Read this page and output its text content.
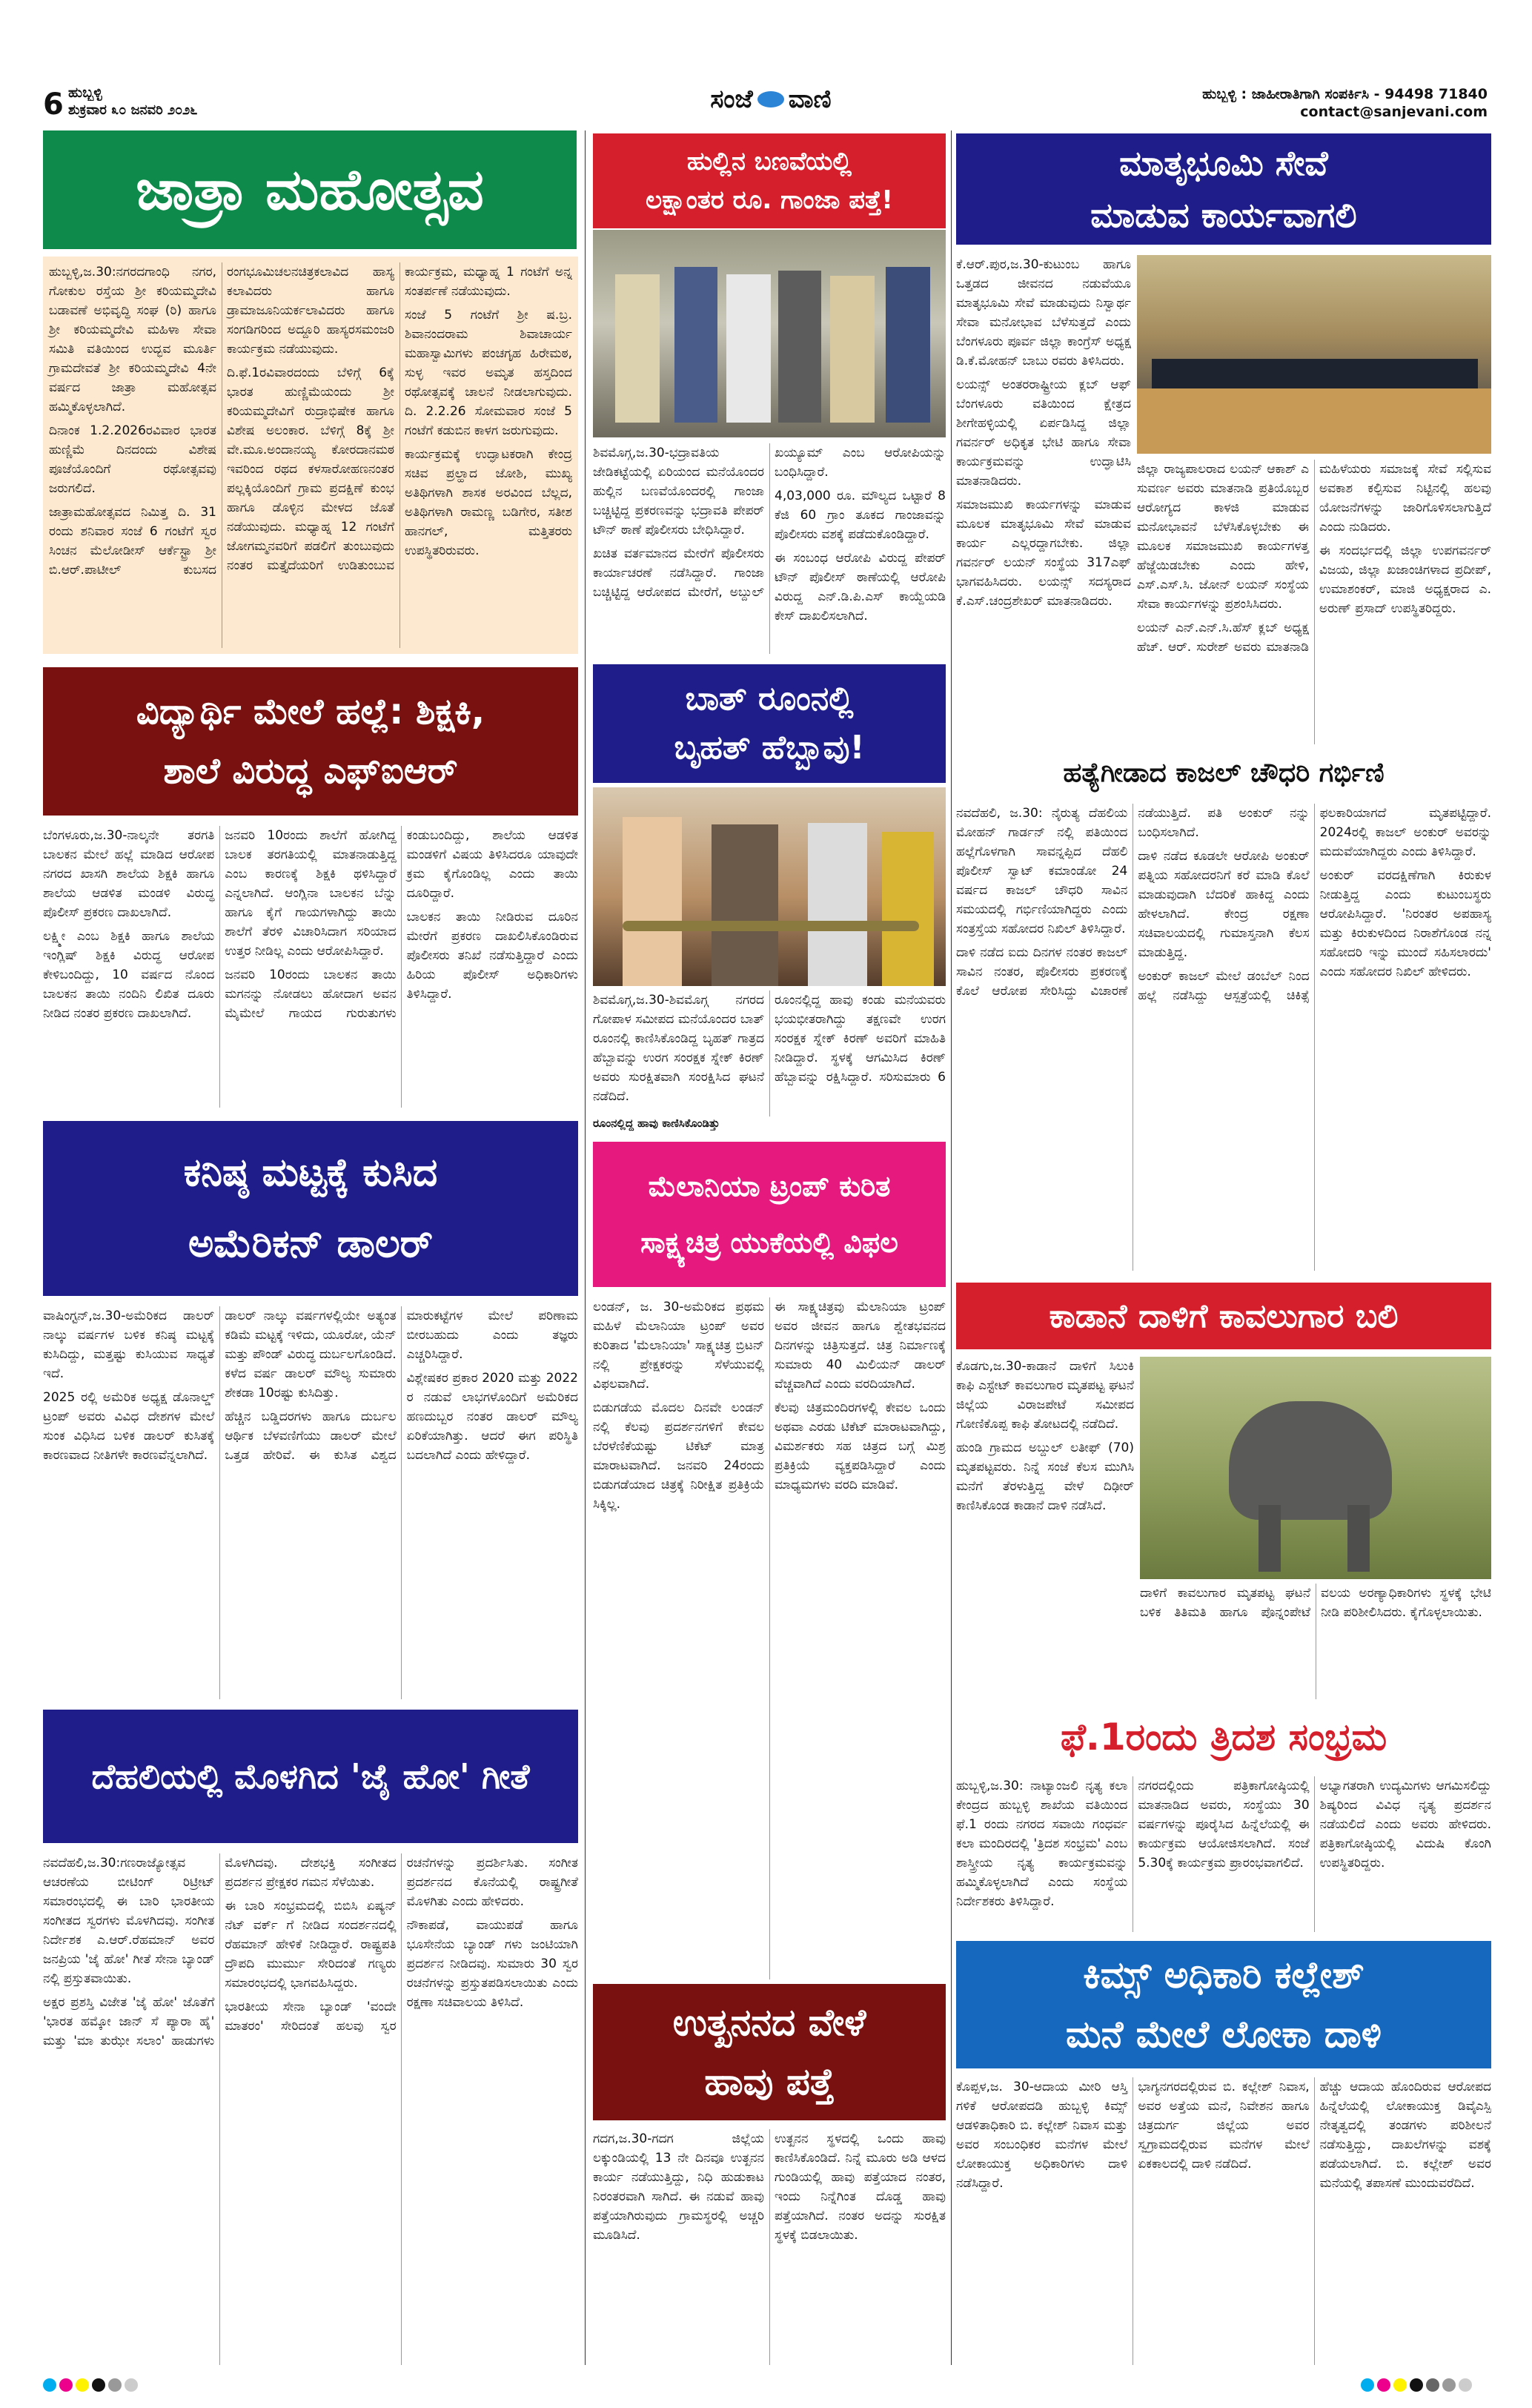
6 ಹುಬ್ಬಳ್ಳಿ
ಶುಕ್ರವಾರ ೩೦ ಜನವರಿ ೨೦೨೬	ಸಂಜೆ ವಾಣಿ	ಹುಬ್ಬಳ್ಳಿ : ಜಾಹೀರಾತಿಗಾಗಿ ಸಂಪರ್ಕಿಸಿ - 94498 71840
contact@sanjevani.com
ಜಾತ್ರಾ ಮಹೋತ್ಸವ

ಹುಬ್ಬಳ್ಳಿ,ಜ.30:ನಗರದಗಾಂಧಿ ನಗರ, ಗೋಕುಲ ರಸ್ತೆಯ ಶ್ರೀ ಕರಿಯಮ್ಮದೇವಿ ಬಡಾವಣೆ ಅಭಿವೃದ್ಧಿ ಸಂಘ (ರಿ) ಹಾಗೂ ಶ್ರೀ ಕರಿಯಮ್ಮದೇವಿ ಮಹಿಳಾ ಸೇವಾ ಸಮಿತಿ ವತಿಯಿಂದ ಉದ್ಭವ ಮೂರ್ತಿ ಗ್ರಾಮದೇವತೆ ಶ್ರೀ ಕರಿಯಮ್ಮದೇವಿ 4ನೇ ವರ್ಷದ ಜಾತ್ರಾ ಮಹೋತ್ಸವ ಹಮ್ಮಿಕೊಳ್ಳಲಾಗಿದೆ.

ದಿನಾಂಕ 1.2.2026ರವಿವಾರ ಭಾರತ ಹುಣ್ಣಿಮೆ ದಿನದಂದು ವಿಶೇಷ ಪೂಜೆಯೊಂದಿಗೆ ರಥೋತ್ಸವವು ಜರುಗಲಿದೆ.

ಜಾತ್ರಾಮಹೋತ್ಸವದ ನಿಮಿತ್ತ ದಿ. 31 ರಂದು ಶನಿವಾರ ಸಂಜೆ 6 ಗಂಟೆಗೆ ಸ್ವರ ಸಿಂಚನ ಮೆಲೋಡೀಸ್ ಆರ್ಕೆಸ್ಟ್ರಾ ಶ್ರೀ ಬಿ.ಆರ್.ಪಾಟೀಲ್ ಕುಬಸದ ರಂಗಭೂಮಿಚಲನಚಿತ್ರಕಲಾವಿದ ಹಾಸ್ಯ ಕಲಾವಿದರು ಹಾಗೂ ಡ್ರಾಮಾಜೂನಿಯರ್ಕಲಾವಿದರು ಹಾಗೂ ಸಂಗಡಿಗರಿಂದ ಅದ್ದೂರಿ ಹಾಸ್ಯರಸಮಂಜರಿ ಕಾರ್ಯಕ್ರಮ ನಡೆಯುವುದು.

ದಿ.ಫೆ.1ರವಿವಾರದಂದು ಬೆಳಿಗ್ಗೆ 6ಕ್ಕೆ ಭಾರತ ಹುಣ್ಣಿಮೆಯಂದು ಶ್ರೀ ಕರಿಯಮ್ಮದೇವಿಗೆ ರುದ್ರಾಭಿಷೇಕ ಹಾಗೂ ವಿಶೇಷ ಅಲಂಕಾರ. ಬೆಳಿಗ್ಗೆ 8ಕ್ಕೆ ಶ್ರೀ ವೇ.ಮೂ.ಅಂದಾನಯ್ಯ ಕೋರದಾನಮಠ ಇವರಿಂದ ರಥದ ಕಳಸಾರೋಹಣನಂತರ ಪಲ್ಲಕ್ಕಿಯೊಂದಿಗೆ ಗ್ರಾಮ ಪ್ರದಕ್ಷಿಣೆ ಕುಂಭ ಹಾಗೂ ಡೊಳ್ಳಿನ ಮೇಳದ ಜೊತೆ ನಡೆಯುವುದು. ಮಧ್ಯಾಹ್ನ 12 ಗಂಟೆಗೆ ಜೋಗಮ್ಮನವರಿಗೆ ಪಡಲಿಗೆ ತುಂಬುವುದು ನಂತರ ಮತ್ತೈದೆಯರಿಗೆ ಉಡಿತುಂಬುವ ಕಾರ್ಯಕ್ರಮ, ಮಧ್ಯಾಹ್ನ 1 ಗಂಟೆಗೆ ಅನ್ನ ಸಂತರ್ಪಣೆ ನಡೆಯುವುದು.

ಸಂಜೆ 5 ಗಂಟೆಗೆ ಶ್ರೀ ಷ.ಬ್ರ. ಶಿವಾನಂದರಾಮ ಶಿವಾಚಾರ್ಯ ಮಹಾಸ್ವಾಮಿಗಳು ಪಂಚಗೃಹ ಹಿರೇಮಠ, ಸುಳ್ಳ ಇವರ ಅಮೃತ ಹಸ್ತದಿಂದ ರಥೋತ್ಸವಕ್ಕೆ ಚಾಲನೆ ನೀಡಲಾಗುವುದು. ದಿ. 2.2.26 ಸೋಮವಾರ ಸಂಜೆ 5 ಗಂಟೆಗೆ ಕಡುಬಿನ ಕಾಳಗ ಜರುಗುವುದು.

ಕಾರ್ಯಕ್ರಮಕ್ಕೆ ಉದ್ಘಾಟಕರಾಗಿ ಕೇಂದ್ರ ಸಚಿವ ಪ್ರಲ್ಹಾದ ಜೋಶಿ, ಮುಖ್ಯ ಅತಿಥಿಗಳಾಗಿ ಶಾಸಕ ಅರವಿಂದ ಬೆಲ್ಲದ, ಅತಿಥಿಗಳಾಗಿ ರಾಮಣ್ಣ ಬಡಿಗೇರ, ಸತೀಶ ಹಾನಗಲ್, ಮತ್ತಿತರರು ಉಪಸ್ಥಿತರಿರುವರು.

ಹುಲ್ಲಿನ ಬಣವೆಯಲ್ಲಿ
ಲಕ್ಷಾಂತರ ರೂ. ಗಾಂಜಾ ಪತ್ತೆ!

ಶಿವಮೊಗ್ಗ,ಜ.30-ಭದ್ರಾವತಿಯ ಜೇಡಿಕಟ್ಟೆಯಲ್ಲಿ ಏರಿಯಂದ ಮನೆಯೊಂದರ ಹುಲ್ಲಿನ ಬಣವೆಯೊಂದರಲ್ಲಿ ಗಾಂಜಾ ಬಚ್ಚಿಟ್ಟಿದ್ದ ಪ್ರಕರಣವನ್ನು ಭದ್ರಾವತಿ ಪೇಪರ್ ಟೌನ್ ಠಾಣೆ ಪೊಲೀಸರು ಬೇಧಿಸಿದ್ದಾರೆ.

ಖಚಿತ ವರ್ತಮಾನದ ಮೇರೆಗೆ ಪೊಲೀಸರು ಕಾರ್ಯಾಚರಣೆ ನಡೆಸಿದ್ದಾರೆ. ಗಾಂಜಾ ಬಚ್ಚಿಟ್ಟಿದ್ದ ಆರೋಪದ ಮೇರೆಗೆ, ಅಬ್ದುಲ್ ಖಯ್ಯೂಮ್ ಎಂಬ ಆರೋಪಿಯನ್ನು ಬಂಧಿಸಿದ್ದಾರೆ.

4,03,000 ರೂ. ಮೌಲ್ಯದ ಒಟ್ಟಾರೆ 8 ಕೆಜಿ 60 ಗ್ರಾಂ ತೂಕದ ಗಾಂಜಾವನ್ನು ಪೊಲೀಸರು ವಶಕ್ಕೆ ಪಡೆದುಕೊಂಡಿದ್ದಾರೆ.

ಈ ಸಂಬಂಧ ಆರೋಪಿ ವಿರುದ್ದ ಪೇಪರ್ ಟೌನ್ ಪೊಲೀಸ್ ಠಾಣೆಯಲ್ಲಿ ಆರೋಪಿ ವಿರುದ್ದ ಎನ್.ಡಿ.ಪಿ.ಎಸ್ ಕಾಯ್ದೆಯಡಿ ಕೇಸ್ ದಾಖಲಿಸಲಾಗಿದೆ.

ಮಾತೃಭೂಮಿ ಸೇವೆ
ಮಾಡುವ ಕಾರ್ಯವಾಗಲಿ

ಕೆ.ಆರ್.ಪುರ,ಜ.30-ಕುಟುಂಬ ಹಾಗೂ ಒತ್ತಡದ ಜೀವನದ ನಡುವೆಯೂ ಮಾತೃಭೂಮಿ ಸೇವೆ ಮಾಡುವುದು ನಿಸ್ವಾರ್ಥ ಸೇವಾ ಮನೋಭಾವ ಬೆಳೆಸುತ್ತದೆ ಎಂದು ಬೆಂಗಳೂರು ಪೂರ್ವ ಜಿಲ್ಲಾ ಕಾಂಗ್ರೆಸ್ ಅಧ್ಯಕ್ಷ ಡಿ.ಕೆ.ಮೋಹನ್ ಬಾಬು ರವರು ತಿಳಿಸಿದರು.

ಲಯನ್ಸ್ ಅಂತರರಾಷ್ಟ್ರೀಯ ಕ್ಲಬ್ ಆಫ್ ಬೆಂಗಳೂರು ವತಿಯಿಂದ ಕ್ಷೇತ್ರದ ಶೀಗೇಹಳ್ಳಿಯಲ್ಲಿ ಏರ್ಪಡಿಸಿದ್ದ ಜಿಲ್ಲಾ ಗವರ್ನರ್ ಅಧಿಕೃತ ಭೇಟಿ ಹಾಗೂ ಸೇವಾ ಕಾರ್ಯಕ್ರಮವನ್ನು ಉದ್ಘಾಟಿಸಿ ಮಾತನಾಡಿದರು.

ಸಮಾಜಮುಖಿ ಕಾರ್ಯಗಳನ್ನು ಮಾಡುವ ಮೂಲಕ ಮಾತೃಭೂಮಿ ಸೇವೆ ಮಾಡುವ ಕಾರ್ಯ ಎಲ್ಲರದ್ದಾಗಬೇಕು. ಜಿಲ್ಲಾ ಗವರ್ನರ್ ಲಯನ್ ಸಂಸ್ಥೆಯ 317ಎಫ್ ಭಾಗವಹಿಸಿದರು. ಲಯನ್ಸ್ ಸದಸ್ಯರಾದ ಕೆ.ಎಸ್.ಚಂದ್ರಶೇಖರ್ ಮಾತನಾಡಿದರು.

ಜಿಲ್ಲಾ ರಾಜ್ಯಪಾಲರಾದ ಲಯನ್ ಆಕಾಶ್ ಎ ಸುವರ್ಣ ಅವರು ಮಾತನಾಡಿ ಪ್ರತಿಯೊಬ್ಬರ ಆರೋಗ್ಯದ ಕಾಳಜಿ ಮಾಡುವ ಮನೋಭಾವನೆ ಬೆಳೆಸಿಕೊಳ್ಳಬೇಕು ಈ ಮೂಲಕ ಸಮಾಜಮುಖಿ ಕಾರ್ಯಗಳತ್ತ ಹೆಜ್ಜೆಯಿಡಬೇಕು ಎಂದು ಹೇಳಿ, ಎಸ್.ಎಸ್.ಸಿ. ಜೋನ್ ಲಯನ್ ಸಂಸ್ಥೆಯ ಸೇವಾ ಕಾರ್ಯಗಳನ್ನು ಪ್ರಶಂಸಿಸಿದರು.

ಲಯನ್ ಎನ್.ಎನ್.ಸಿ.ಹೆಸ್ ಕ್ಲಬ್ ಅಧ್ಯಕ್ಷ ಹೆಚ್. ಆರ್. ಸುರೇಶ್ ಅವರು ಮಾತನಾಡಿ ಮಹಿಳೆಯರು ಸಮಾಜಕ್ಕೆ ಸೇವೆ ಸಲ್ಲಿಸುವ ಅವಕಾಶ ಕಲ್ಪಿಸುವ ನಿಟ್ಟಿನಲ್ಲಿ ಹಲವು ಯೋಜನೆಗಳನ್ನು ಜಾರಿಗೊಳಿಸಲಾಗುತ್ತಿದೆ ಎಂದು ನುಡಿದರು.

ಈ ಸಂದರ್ಭದಲ್ಲಿ ಜಿಲ್ಲಾ ಉಪಗವರ್ನರ್ ವಿಜಯ, ಜಿಲ್ಲಾ ಖಜಾಂಚಿಗಳಾದ ಪ್ರದೀಪ್, ಉಮಾಶಂಕರ್, ಮಾಜಿ ಅಧ್ಯಕ್ಷರಾದ ಎ. ಅರುಣ್ ಪ್ರಸಾದ್ ಉಪಸ್ಥಿತರಿದ್ದರು.

ವಿದ್ಯಾರ್ಥಿ ಮೇಲೆ ಹಲ್ಲೆ: ಶಿಕ್ಷಕಿ,
ಶಾಲೆ ವಿರುದ್ಧ ಎಫ್‌ಐಆರ್

ಬೆಂಗಳೂರು,ಜ.30-ನಾಲ್ಕನೇ ತರಗತಿ ಬಾಲಕನ ಮೇಲೆ ಹಲ್ಲೆ ಮಾಡಿದ ಆರೋಪ ನಗರದ ಖಾಸಗಿ ಶಾಲೆಯ ಶಿಕ್ಷಕಿ ಹಾಗೂ ಶಾಲೆಯ ಆಡಳಿತ ಮಂಡಳಿ ವಿರುದ್ಧ ಪೊಲೀಸ್ ಪ್ರಕರಣ ದಾಖಲಾಗಿದೆ.

ಲಕ್ಷ್ಮೀ ಎಂಬ ಶಿಕ್ಷಕಿ ಹಾಗೂ ಶಾಲೆಯ ಇಂಗ್ಲಿಷ್ ಶಿಕ್ಷಕಿ ವಿರುದ್ಧ ಆರೋಪ ಕೇಳಿಬಂದಿದ್ದು, 10 ವರ್ಷದ ನೊಂದ ಬಾಲಕನ ತಾಯಿ ನಂದಿನಿ ಲಿಖಿತ ದೂರು ನೀಡಿದ ನಂತರ ಪ್ರಕರಣ ದಾಖಲಾಗಿದೆ.

ಜನವರಿ 10ರಂದು ಶಾಲೆಗೆ ಹೋಗಿದ್ದ ಬಾಲಕ ತರಗತಿಯಲ್ಲಿ ಮಾತನಾಡುತ್ತಿದ್ದ ಎಂಬ ಕಾರಣಕ್ಕೆ ಶಿಕ್ಷಕಿ ಥಳಿಸಿದ್ದಾರೆ ಎನ್ನಲಾಗಿದೆ. ಆಂಗ್ಲಿನಾ ಬಾಲಕನ ಬೆನ್ನು ಹಾಗೂ ಕೈಗೆ ಗಾಯಗಳಾಗಿದ್ದು ತಾಯಿ ಶಾಲೆಗೆ ತೆರಳಿ ವಿಚಾರಿಸಿದಾಗ ಸರಿಯಾದ ಉತ್ತರ ನೀಡಿಲ್ಲ ಎಂದು ಆರೋಪಿಸಿದ್ದಾರೆ.

ಜನವರಿ 10ರಂದು ಬಾಲಕನ ತಾಯಿ ಮಗನನ್ನು ನೋಡಲು ಹೋದಾಗ ಅವನ ಮೈಮೇಲೆ ಗಾಯದ ಗುರುತುಗಳು ಕಂಡುಬಂದಿದ್ದು, ಶಾಲೆಯ ಆಡಳಿತ ಮಂಡಳಿಗೆ ವಿಷಯ ತಿಳಿಸಿದರೂ ಯಾವುದೇ ಕ್ರಮ ಕೈಗೊಂಡಿಲ್ಲ ಎಂದು ತಾಯಿ ದೂರಿದ್ದಾರೆ.

ಬಾಲಕನ ತಾಯಿ ನೀಡಿರುವ ದೂರಿನ ಮೇರೆಗೆ ಪ್ರಕರಣ ದಾಖಲಿಸಿಕೊಂಡಿರುವ ಪೊಲೀಸರು ತನಿಖೆ ನಡೆಸುತ್ತಿದ್ದಾರೆ ಎಂದು ಹಿರಿಯ ಪೊಲೀಸ್ ಅಧಿಕಾರಿಗಳು ತಿಳಿಸಿದ್ದಾರೆ.

ಬಾತ್ ರೂಂನಲ್ಲಿ
ಬೃಹತ್ ಹೆಬ್ಬಾವು!

ಶಿವಮೊಗ್ಗ,ಜ.30-ಶಿವಮೊಗ್ಗ ನಗರದ ಗೋಪಾಳ ಸಮೀಪದ ಮನೆಯೊಂದರ ಬಾತ್ ರೂಂನಲ್ಲಿ ಕಾಣಿಸಿಕೊಂಡಿದ್ದ ಬೃಹತ್ ಗಾತ್ರದ ಹೆಬ್ಬಾವನ್ನು ಉರಗ ಸಂರಕ್ಷಕ ಸ್ನೇಕ್ ಕಿರಣ್ ಅವರು ಸುರಕ್ಷಿತವಾಗಿ ಸಂರಕ್ಷಿಸಿದ ಘಟನೆ ನಡೆದಿದೆ.

ರೂಂನಲ್ಲಿದ್ದ ಹಾವು ಕಂಡು ಮನೆಯವರು ಭಯಭೀತರಾಗಿದ್ದು ತಕ್ಷಣವೇ ಉರಗ ಸಂರಕ್ಷಕ ಸ್ನೇಕ್ ಕಿರಣ್ ಅವರಿಗೆ ಮಾಹಿತಿ ನೀಡಿದ್ದಾರೆ. ಸ್ಥಳಕ್ಕೆ ಆಗಮಿಸಿದ ಕಿರಣ್ ಹೆಬ್ಬಾವನ್ನು ರಕ್ಷಿಸಿದ್ದಾರೆ. ಸರಿಸುಮಾರು 6

ರೂಂನಲ್ಲಿದ್ದ ಹಾವು ಕಾಣಿಸಿಕೊಂಡಿತ್ತು
ಹತ್ಯೆಗೀಡಾದ ಕಾಜಲ್ ಚೌಧರಿ ಗರ್ಭಿಣಿ

ನವದೆಹಲಿ, ಜ.30: ನೈರುತ್ಯ ದೆಹಲಿಯ ಮೋಹನ್ ಗಾರ್ಡನ್ ನಲ್ಲಿ ಪತಿಯಿಂದ ಹಲ್ಲೆಗೊಳಗಾಗಿ ಸಾವನ್ನಪ್ಪಿದ ದೆಹಲಿ ಪೊಲೀಸ್ ಸ್ವಾಟ್ ಕಮಾಂಡೋ 24 ವರ್ಷದ ಕಾಜಲ್ ಚೌಧರಿ ಸಾವಿನ ಸಮಯದಲ್ಲಿ ಗರ್ಭಿಣಿಯಾಗಿದ್ದರು ಎಂದು ಸಂತ್ರಸ್ತೆಯ ಸಹೋದರ ನಿಖಿಲ್ ತಿಳಿಸಿದ್ದಾರೆ.

ದಾಳಿ ನಡೆದ ಐದು ದಿನಗಳ ನಂತರ ಕಾಜಲ್ ಸಾವಿನ ನಂತರ, ಪೊಲೀಸರು ಪ್ರಕರಣಕ್ಕೆ ಕೊಲೆ ಆರೋಪ ಸೇರಿಸಿದ್ದು ವಿಚಾರಣೆ ನಡೆಯುತ್ತಿದೆ. ಪತಿ ಅಂಕುರ್ ನನ್ನು ಬಂಧಿಸಲಾಗಿದೆ.

ದಾಳಿ ನಡೆದ ಕೂಡಲೇ ಆರೋಪಿ ಅಂಕುರ್ ಪತ್ನಿಯ ಸಹೋದರನಿಗೆ ಕರೆ ಮಾಡಿ ಕೊಲೆ ಮಾಡುವುದಾಗಿ ಬೆದರಿಕೆ ಹಾಕಿದ್ದ ಎಂದು ಹೇಳಲಾಗಿದೆ. ಕೇಂದ್ರ ರಕ್ಷಣಾ ಸಚಿವಾಲಯದಲ್ಲಿ ಗುಮಾಸ್ತನಾಗಿ ಕೆಲಸ ಮಾಡುತ್ತಿದ್ದ.

ಅಂಕುರ್ ಕಾಜಲ್ ಮೇಲೆ ಡಂಬೆಲ್ ನಿಂದ ಹಲ್ಲೆ ನಡೆಸಿದ್ದು ಆಸ್ಪತ್ರೆಯಲ್ಲಿ ಚಿಕಿತ್ಸೆ ಫಲಕಾರಿಯಾಗದೆ ಮೃತಪಟ್ಟಿದ್ದಾರೆ. 2024ರಲ್ಲಿ ಕಾಜಲ್ ಅಂಕುರ್ ಅವರನ್ನು ಮದುವೆಯಾಗಿದ್ದರು ಎಂದು ತಿಳಿಸಿದ್ದಾರೆ.

ಅಂಕುರ್ ವರದಕ್ಷಿಣೆಗಾಗಿ ಕಿರುಕುಳ ನೀಡುತ್ತಿದ್ದ ಎಂದು ಕುಟುಂಬಸ್ಥರು ಆರೋಪಿಸಿದ್ದಾರೆ. 'ನಿರಂತರ ಅಪಹಾಸ್ಯ ಮತ್ತು ಕಿರುಕುಳದಿಂದ ನಿರಾಶೆಗೊಂಡ ನನ್ನ ಸಹೋದರಿ ಇನ್ನು ಮುಂದೆ ಸಹಿಸಲಾರದು' ಎಂದು ಸಹೋದರ ನಿಖಿಲ್ ಹೇಳಿದರು.

ಕನಿಷ್ಠ ಮಟ್ಟಕ್ಕೆ ಕುಸಿದ
ಅಮೆರಿಕನ್ ಡಾಲರ್

ವಾಷಿಂಗ್ಟನ್,ಜ.30-ಅಮೆರಿಕದ ಡಾಲರ್ ನಾಲ್ಕು ವರ್ಷಗಳ ಬಳಿಕ ಕನಿಷ್ಠ ಮಟ್ಟಕ್ಕೆ ಕುಸಿದಿದ್ದು, ಮತ್ತಷ್ಟು ಕುಸಿಯುವ ಸಾಧ್ಯತೆ ಇದೆ.

2025 ರಲ್ಲಿ ಅಮೆರಿಕ ಅಧ್ಯಕ್ಷ ಡೊನಾಲ್ಡ್ ಟ್ರಂಪ್ ಅವರು ವಿವಿಧ ದೇಶಗಳ ಮೇಲೆ ಸುಂಕ ವಿಧಿಸಿದ ಬಳಿಕ ಡಾಲರ್ ಕುಸಿತಕ್ಕೆ ಕಾರಣವಾದ ನೀತಿಗಳೇ ಕಾರಣವೆನ್ನಲಾಗಿದೆ.

ಡಾಲರ್ ನಾಲ್ಕು ವರ್ಷಗಳಲ್ಲಿಯೇ ಅತ್ಯಂತ ಕಡಿಮೆ ಮಟ್ಟಕ್ಕೆ ಇಳಿದು, ಯೂರೋ, ಯೆನ್ ಮತ್ತು ಪೌಂಡ್ ವಿರುದ್ಧ ದುರ್ಬಲಗೊಂಡಿದೆ. ಕಳೆದ ವರ್ಷ ಡಾಲರ್ ಮೌಲ್ಯ ಸುಮಾರು ಶೇಕಡಾ 10ರಷ್ಟು ಕುಸಿದಿತ್ತು.

ಹೆಚ್ಚಿನ ಬಡ್ಡಿದರಗಳು ಹಾಗೂ ದುರ್ಬಲ ಆರ್ಥಿಕ ಬೆಳವಣಿಗೆಯು ಡಾಲರ್ ಮೇಲೆ ಒತ್ತಡ ಹೇರಿವೆ. ಈ ಕುಸಿತ ವಿಶ್ವದ ಮಾರುಕಟ್ಟೆಗಳ ಮೇಲೆ ಪರಿಣಾಮ ಬೀರಬಹುದು ಎಂದು ತಜ್ಞರು ಎಚ್ಚರಿಸಿದ್ದಾರೆ.

ವಿಶ್ಲೇಷಕರ ಪ್ರಕಾರ 2020 ಮತ್ತು 2022 ರ ನಡುವೆ ಲಾಭಗಳೊಂದಿಗೆ ಅಮೆರಿಕದ ಹಣದುಬ್ಬರ ನಂತರ ಡಾಲರ್ ಮೌಲ್ಯ ಏರಿಕೆಯಾಗಿತ್ತು. ಆದರೆ ಈಗ ಪರಿಸ್ಥಿತಿ ಬದಲಾಗಿದೆ ಎಂದು ಹೇಳಿದ್ದಾರೆ.

ಮೆಲಾನಿಯಾ ಟ್ರಂಪ್ ಕುರಿತ
ಸಾಕ್ಷ್ಯಚಿತ್ರ ಯುಕೆಯಲ್ಲಿ ವಿಫಲ

ಲಂಡನ್, ಜ. 30-ಅಮೆರಿಕದ ಪ್ರಥಮ ಮಹಿಳೆ ಮೆಲಾನಿಯಾ ಟ್ರಂಪ್ ಅವರ ಕುರಿತಾದ 'ಮೆಲಾನಿಯಾ' ಸಾಕ್ಷ್ಯಚಿತ್ರ ಬ್ರಿಟನ್ ನಲ್ಲಿ ಪ್ರೇಕ್ಷಕರನ್ನು ಸೆಳೆಯುವಲ್ಲಿ ವಿಫಲವಾಗಿದೆ.

ಬಿಡುಗಡೆಯ ಮೊದಲ ದಿನವೇ ಲಂಡನ್ ನಲ್ಲಿ ಕೆಲವು ಪ್ರದರ್ಶನಗಳಿಗೆ ಕೇವಲ ಬೆರಳೆಣಿಕೆಯಷ್ಟು ಟಿಕೆಟ್ ಮಾತ್ರ ಮಾರಾಟವಾಗಿದೆ. ಜನವರಿ 24ರಂದು ಬಿಡುಗಡೆಯಾದ ಚಿತ್ರಕ್ಕೆ ನಿರೀಕ್ಷಿತ ಪ್ರತಿಕ್ರಿಯೆ ಸಿಕ್ಕಿಲ್ಲ.

ಈ ಸಾಕ್ಷ್ಯಚಿತ್ರವು ಮೆಲಾನಿಯಾ ಟ್ರಂಪ್ ಅವರ ಜೀವನ ಹಾಗೂ ಶ್ವೇತಭವನದ ದಿನಗಳನ್ನು ಚಿತ್ರಿಸುತ್ತದೆ. ಚಿತ್ರ ನಿರ್ಮಾಣಕ್ಕೆ ಸುಮಾರು 40 ಮಿಲಿಯನ್ ಡಾಲರ್ ವೆಚ್ಚವಾಗಿದೆ ಎಂದು ವರದಿಯಾಗಿದೆ.

ಕೆಲವು ಚಿತ್ರಮಂದಿರಗಳಲ್ಲಿ ಕೇವಲ ಒಂದು ಅಥವಾ ಎರಡು ಟಿಕೆಟ್ ಮಾರಾಟವಾಗಿದ್ದು, ವಿಮರ್ಶಕರು ಸಹ ಚಿತ್ರದ ಬಗ್ಗೆ ಮಿಶ್ರ ಪ್ರತಿಕ್ರಿಯೆ ವ್ಯಕ್ತಪಡಿಸಿದ್ದಾರೆ ಎಂದು ಮಾಧ್ಯಮಗಳು ವರದಿ ಮಾಡಿವೆ.

ಕಾಡಾನೆ ದಾಳಿಗೆ ಕಾವಲುಗಾರ ಬಲಿ

ಕೊಡಗು,ಜ.30-ಕಾಡಾನೆ ದಾಳಿಗೆ ಸಿಲುಕಿ ಕಾಫಿ ಎಸ್ಟೇಟ್ ಕಾವಲುಗಾರ ಮೃತಪಟ್ಟ ಘಟನೆ ಜಿಲ್ಲೆಯ ವಿರಾಜಪೇಟೆ ಸಮೀಪದ ಗೋಣಿಕೊಪ್ಪ ಕಾಫಿ ತೋಟದಲ್ಲಿ ನಡೆದಿದೆ.

ಹುಂಡಿ ಗ್ರಾಮದ ಅಬ್ದುಲ್ ಲತೀಫ್ (70) ಮೃತಪಟ್ಟವರು. ನಿನ್ನೆ ಸಂಜೆ ಕೆಲಸ ಮುಗಿಸಿ ಮನೆಗೆ ತೆರಳುತ್ತಿದ್ದ ವೇಳೆ ದಿಢೀರ್ ಕಾಣಿಸಿಕೊಂಡ ಕಾಡಾನೆ ದಾಳಿ ನಡೆಸಿದೆ.

ದಾಳಿಗೆ ಕಾವಲುಗಾರ ಮೃತಪಟ್ಟ ಘಟನೆ ಬಳಿಕ ತಿತಿಮತಿ ಹಾಗೂ ಪೊನ್ನಂಪೇಟೆ ವಲಯ ಅರಣ್ಯಾಧಿಕಾರಿಗಳು ಸ್ಥಳಕ್ಕೆ ಭೇಟಿ ನೀಡಿ ಪರಿಶೀಲಿಸಿದರು. ಕೈಗೊಳ್ಳಲಾಯಿತು.

ದೆಹಲಿಯಲ್ಲಿ ಮೊಳಗಿದ 'ಜೈ ಹೋ' ಗೀತೆ

ನವದೆಹಲಿ,ಜ.30:ಗಣರಾಜ್ಯೋತ್ಸವ ಆಚರಣೆಯ ಬೀಟಿಂಗ್ ರಿಟ್ರೀಟ್ ಸಮಾರಂಭದಲ್ಲಿ ಈ ಬಾರಿ ಭಾರತೀಯ ಸಂಗೀತದ ಸ್ವರಗಳು ಮೊಳಗಿದವು. ಸಂಗೀತ ನಿರ್ದೇಶಕ ಎ.ಆರ್.ರೆಹಮಾನ್ ಅವರ ಜನಪ್ರಿಯ 'ಜೈ ಹೋ' ಗೀತೆ ಸೇನಾ ಬ್ಯಾಂಡ್ ನಲ್ಲಿ ಪ್ರಸ್ತುತವಾಯಿತು.

ಅಕ್ಷರ ಪ್ರಶಸ್ತಿ ವಿಜೇತ 'ಜೈ ಹೋ' ಜೊತೆಗೆ 'ಭಾರತ ಹಮ್ಕೋ ಜಾನ್ ಸೆ ಪ್ಯಾರಾ ಹೈ' ಮತ್ತು 'ಮಾ ತುಝೇ ಸಲಾಂ' ಹಾಡುಗಳು ಮೊಳಗಿದವು. ದೇಶಭಕ್ತಿ ಸಂಗೀತದ ಪ್ರದರ್ಶನ ಪ್ರೇಕ್ಷಕರ ಗಮನ ಸೆಳೆಯಿತು.

ಈ ಬಾರಿ ಸಂಭ್ರಮದಲ್ಲಿ ಬಿಬಿಸಿ ಏಷ್ಯನ್ ನೆಟ್ ವರ್ಕ್ ಗೆ ನೀಡಿದ ಸಂದರ್ಶನದಲ್ಲಿ ರೆಹಮಾನ್ ಹೇಳಿಕೆ ನೀಡಿದ್ದಾರೆ. ರಾಷ್ಟ್ರಪತಿ ದ್ರೌಪದಿ ಮುರ್ಮು ಸೇರಿದಂತೆ ಗಣ್ಯರು ಸಮಾರಂಭದಲ್ಲಿ ಭಾಗವಹಿಸಿದ್ದರು.

ಭಾರತೀಯ ಸೇನಾ ಬ್ಯಾಂಡ್ 'ವಂದೇ ಮಾತರಂ' ಸೇರಿದಂತೆ ಹಲವು ಸ್ವರ ರಚನೆಗಳನ್ನು ಪ್ರದರ್ಶಿಸಿತು. ಸಂಗೀತ ಪ್ರದರ್ಶನದ ಕೊನೆಯಲ್ಲಿ ರಾಷ್ಟ್ರಗೀತೆ ಮೊಳಗಿತು ಎಂದು ಹೇಳಿದರು.

ನೌಕಾಪಡೆ, ವಾಯುಪಡೆ ಹಾಗೂ ಭೂಸೇನೆಯ ಬ್ಯಾಂಡ್ ಗಳು ಜಂಟಿಯಾಗಿ ಪ್ರದರ್ಶನ ನೀಡಿದವು. ಸುಮಾರು 30 ಸ್ವರ ರಚನೆಗಳನ್ನು ಪ್ರಸ್ತುತಪಡಿಸಲಾಯಿತು ಎಂದು ರಕ್ಷಣಾ ಸಚಿವಾಲಯ ತಿಳಿಸಿದೆ.

ಫೆ.1ರಂದು ತ್ರಿದಶ ಸಂಭ್ರಮ

ಹುಬ್ಬಳ್ಳಿ,ಜ.30: ನಾಟ್ಯಾಂಜಲಿ ನೃತ್ಯ ಕಲಾ ಕೇಂದ್ರದ ಹುಬ್ಬಳ್ಳಿ ಶಾಖೆಯ ವತಿಯಿಂದ ಫೆ.1 ರಂದು ನಗರದ ಸವಾಯಿ ಗಂಧರ್ವ ಕಲಾ ಮಂದಿರದಲ್ಲಿ 'ತ್ರಿದಶ ಸಂಭ್ರಮ' ಎಂಬ ಶಾಸ್ತ್ರೀಯ ನೃತ್ಯ ಕಾರ್ಯಕ್ರಮವನ್ನು ಹಮ್ಮಿಕೊಳ್ಳಲಾಗಿದೆ ಎಂದು ಸಂಸ್ಥೆಯ ನಿರ್ದೇಶಕರು ತಿಳಿಸಿದ್ದಾರೆ.

ನಗರದಲ್ಲಿಂದು ಪತ್ರಿಕಾಗೋಷ್ಠಿಯಲ್ಲಿ ಮಾತನಾಡಿದ ಅವರು, ಸಂಸ್ಥೆಯು 30 ವರ್ಷಗಳನ್ನು ಪೂರೈಸಿದ ಹಿನ್ನೆಲೆಯಲ್ಲಿ ಈ ಕಾರ್ಯಕ್ರಮ ಆಯೋಜಿಸಲಾಗಿದೆ. ಸಂಜೆ 5.30ಕ್ಕೆ ಕಾರ್ಯಕ್ರಮ ಪ್ರಾರಂಭವಾಗಲಿದೆ.

ಅಭ್ಯಾಗತರಾಗಿ ಉದ್ಯಮಿಗಳು ಆಗಮಿಸಲಿದ್ದು ಶಿಷ್ಯರಿಂದ ವಿವಿಧ ನೃತ್ಯ ಪ್ರದರ್ಶನ ನಡೆಯಲಿದೆ ಎಂದು ಅವರು ಹೇಳಿದರು. ಪತ್ರಿಕಾಗೋಷ್ಠಿಯಲ್ಲಿ ವಿದುಷಿ ಕೊಂಗಿ ಉಪಸ್ಥಿತರಿದ್ದರು.

ಉತ್ಖನನದ ವೇಳೆ
ಹಾವು ಪತ್ತೆ

ಗದಗ,ಜ.30-ಗದಗ ಜಿಲ್ಲೆಯ ಲಕ್ಕುಂಡಿಯಲ್ಲಿ 13 ನೇ ದಿನವೂ ಉತ್ಖನನ ಕಾರ್ಯ ನಡೆಯುತ್ತಿದ್ದು, ನಿಧಿ ಹುಡುಕಾಟ ನಿರಂತರವಾಗಿ ಸಾಗಿದೆ. ಈ ನಡುವೆ ಹಾವು ಪತ್ತೆಯಾಗಿರುವುದು ಗ್ರಾಮಸ್ಥರಲ್ಲಿ ಅಚ್ಚರಿ ಮೂಡಿಸಿದೆ.

ಉತ್ಖನನ ಸ್ಥಳದಲ್ಲಿ ಒಂದು ಹಾವು ಕಾಣಿಸಿಕೊಂಡಿದೆ. ನಿನ್ನೆ ಮೂರು ಅಡಿ ಆಳದ ಗುಂಡಿಯಲ್ಲಿ ಹಾವು ಪತ್ತೆಯಾದ ನಂತರ, ಇಂದು ನಿನ್ನೆಗಿಂತ ದೊಡ್ಡ ಹಾವು ಪತ್ತೆಯಾಗಿದೆ. ನಂತರ ಅದನ್ನು ಸುರಕ್ಷಿತ ಸ್ಥಳಕ್ಕೆ ಬಿಡಲಾಯಿತು.

ಕಿಮ್ಸ್ ಅಧಿಕಾರಿ ಕಲ್ಲೇಶ್
ಮನೆ ಮೇಲೆ ಲೋಕಾ ದಾಳಿ

ಕೊಪ್ಪಳ,ಜ. 30-ಆದಾಯ ಮೀರಿ ಆಸ್ತಿ ಗಳಿಕೆ ಆರೋಪದಡಿ ಹುಬ್ಬಳ್ಳಿ ಕಿಮ್ಸ್ ಆಡಳಿತಾಧಿಕಾರಿ ಬಿ. ಕಲ್ಲೇಶ್ ನಿವಾಸ ಮತ್ತು ಅವರ ಸಂಬಂಧಿಕರ ಮನೆಗಳ ಮೇಲೆ ಲೋಕಾಯುಕ್ತ ಅಧಿಕಾರಿಗಳು ದಾಳಿ ನಡೆಸಿದ್ದಾರೆ.

ಭಾಗ್ಯನಗರದಲ್ಲಿರುವ ಬಿ. ಕಲ್ಲೇಶ್ ನಿವಾಸ, ಅವರ ಅತ್ತೆಯ ಮನೆ, ನಿವೇಶನ ಹಾಗೂ ಚಿತ್ರದುರ್ಗ ಜಿಲ್ಲೆಯ ಅವರ ಸ್ವಗ್ರಾಮದಲ್ಲಿರುವ ಮನೆಗಳ ಮೇಲೆ ಏಕಕಾಲದಲ್ಲಿ ದಾಳಿ ನಡೆದಿದೆ.

ಹೆಚ್ಚು ಆದಾಯ ಹೊಂದಿರುವ ಆರೋಪದ ಹಿನ್ನೆಲೆಯಲ್ಲಿ ಲೋಕಾಯುಕ್ತ ಡಿವೈಎಸ್ಪಿ ನೇತೃತ್ವದಲ್ಲಿ ತಂಡಗಳು ಪರಿಶೀಲನೆ ನಡೆಸುತ್ತಿದ್ದು, ದಾಖಲೆಗಳನ್ನು ವಶಕ್ಕೆ ಪಡೆಯಲಾಗಿದೆ. ಬಿ. ಕಲ್ಲೇಶ್ ಅವರ ಮನೆಯಲ್ಲಿ ತಪಾಸಣೆ ಮುಂದುವರೆದಿದೆ.
